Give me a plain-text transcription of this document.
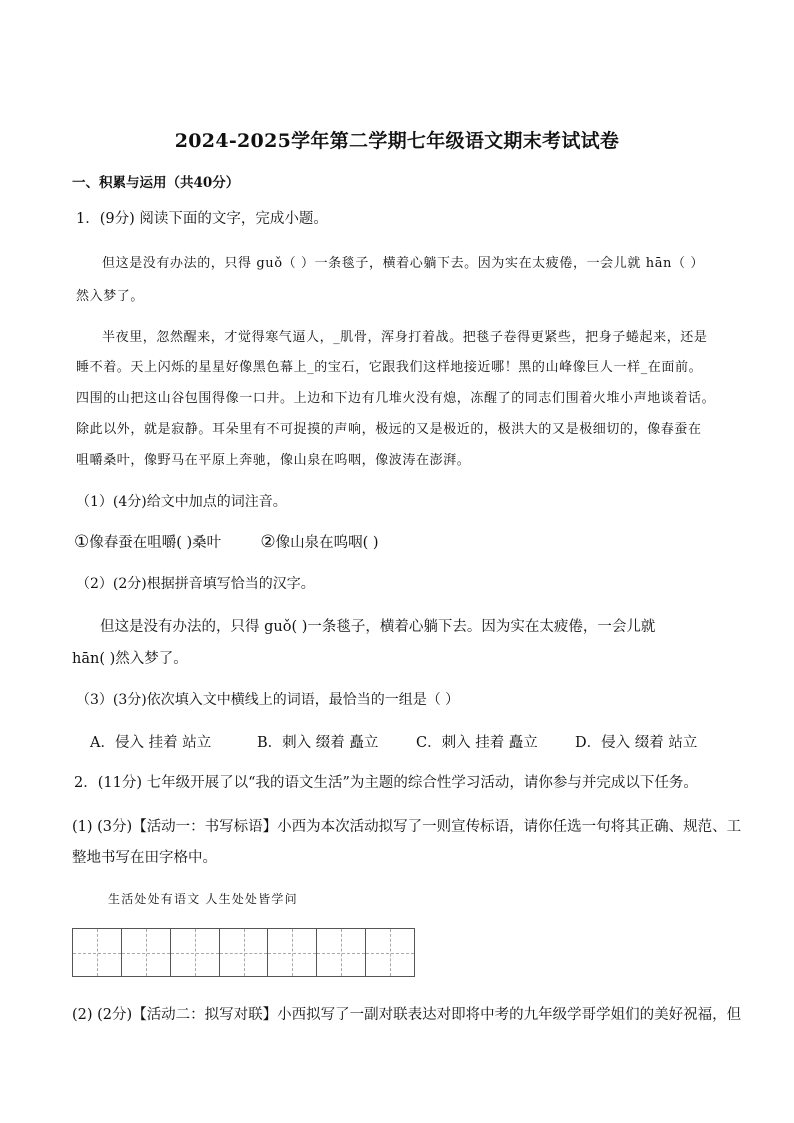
2024-2025学年第二学期七年级语文期末考试试卷
一、积累与运用（共40分）
1．(9分) 阅读下面的文字，完成小题。
但这是没有办法的，只得 guǒ（ ）一条毯子，横着心躺下去。因为实在太疲倦，一会儿就 hān（ ）
然入梦了。
半夜里，忽然醒来，才觉得寒气逼人，_肌骨，浑身打着战。把毯子卷得更紧些，把身子蜷起来，还是
睡不着。天上闪烁的星星好像黑色幕上_的宝石，它跟我们这样地接近哪！黑的山峰像巨人一样_在面前。
四围的山把这山谷包围得像一口井。上边和下边有几堆火没有熄，冻醒了的同志们围着火堆小声地谈着话。
除此以外，就是寂静。耳朵里有不可捉摸的声响，极远的又是极近的，极洪大的又是极细切的，像春蚕在
咀嚼桑叶，像野马在平原上奔驰，像山泉在呜咽，像波涛在澎湃。
（1）(4分)给文中加点的词注音。
①像春蚕在咀嚼( )桑叶 ②像山泉在呜咽( )
（2）(2分)根据拼音填写恰当的汉字。
但这是没有办法的，只得 guǒ( )一条毯子，横着心躺下去。因为实在太疲倦，一会儿就
hān( )然入梦了。
（3）(3分)依次填入文中横线上的词语，最恰当的一组是（ ）
A．侵入 挂着 站立	B．刺入 缀着 矗立	C．刺入 挂着 矗立	D．侵入 缀着 站立
2．(11分) 七年级开展了以“我的语文生活”为主题的综合性学习活动，请你参与并完成以下任务。
(1) (3分)【活动一：书写标语】小西为本次活动拟写了一则宣传标语，请你任选一句将其正确、规范、工
整地书写在田字格中。
生活处处有语文 人生处处皆学问
(2) (2分)【活动二：拟写对联】小西拟写了一副对联表达对即将中考的九年级学哥学姐们的美好祝福，但
